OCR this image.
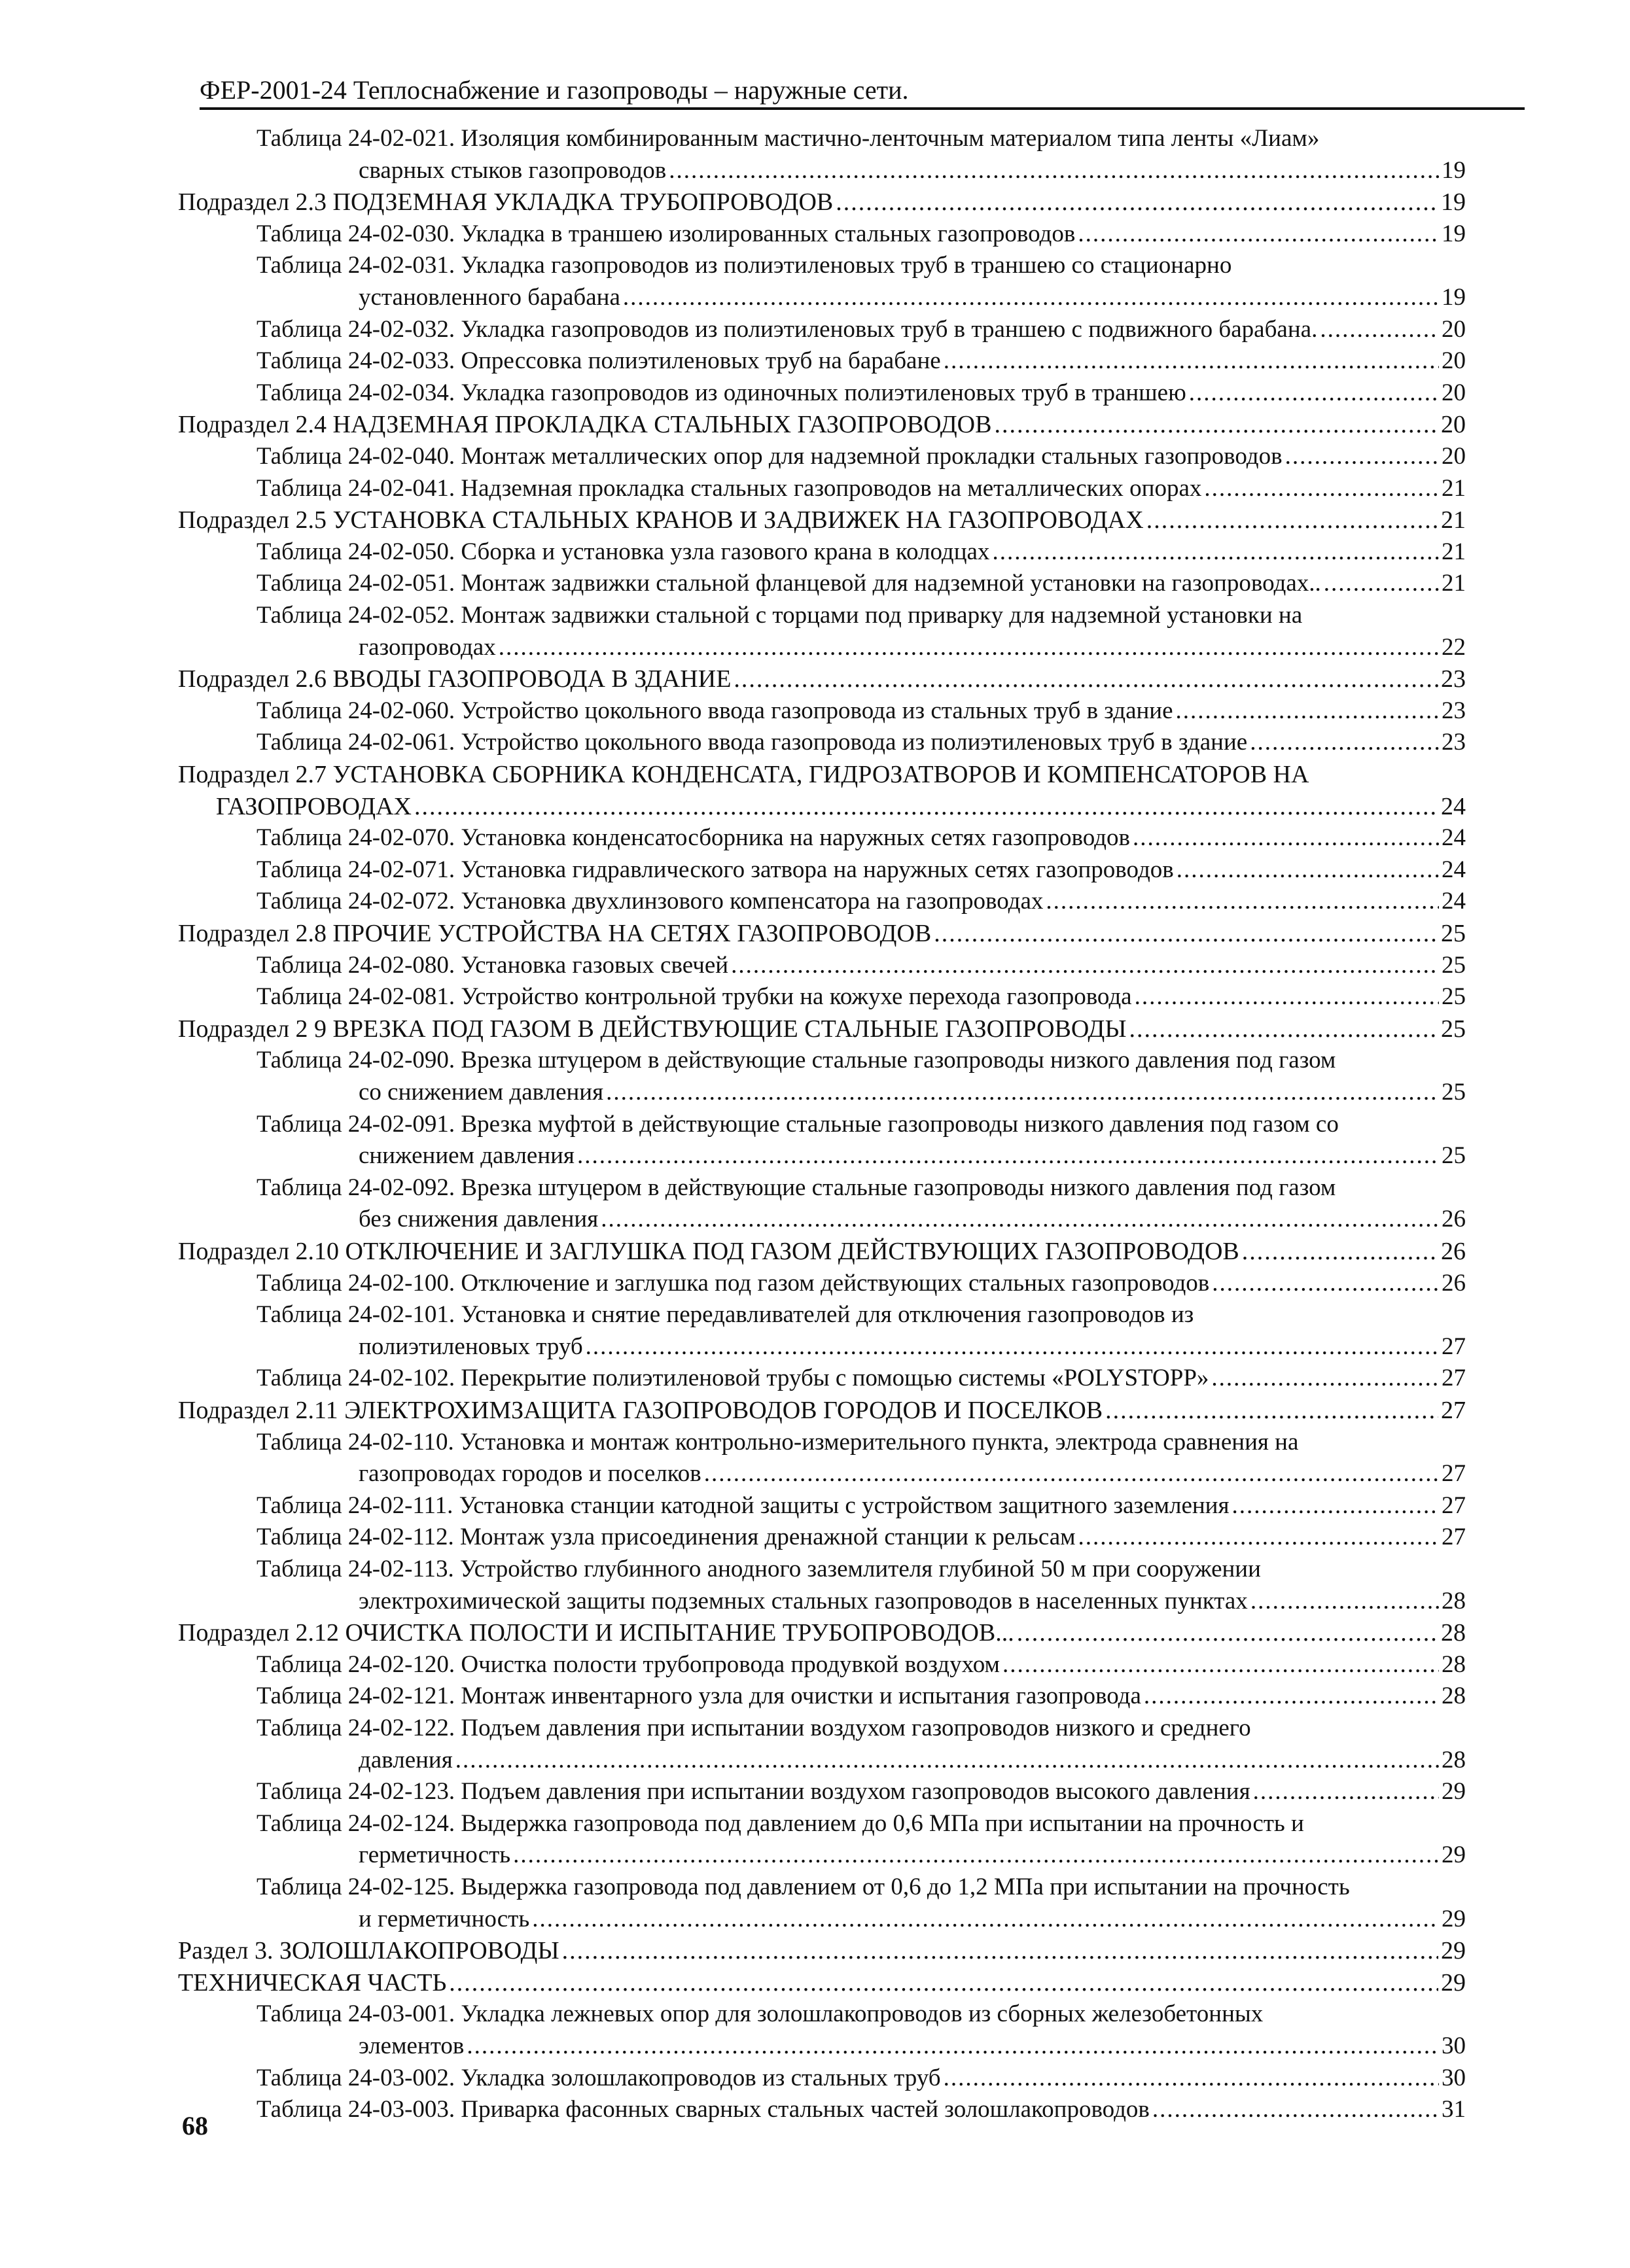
ФЕР-2001-24 Теплоснабжение и газопроводы – наружные сети.
Таблица 24-02-021. Изоляция комбинированным мастично-ленточным материалом типа ленты «Лиам»
сварных стыков газопроводов .....	19
Подраздел 2.3 ПОДЗЕМНАЯ УКЛАДКА ТРУБОПРОВОДОВ .....	19
Таблица 24-02-030. Укладка в траншею изолированных стальных газопроводов .....	19
Таблица 24-02-031. Укладка газопроводов из полиэтиленовых труб в траншею со стационарно
установленного барабана .....	19
Таблица 24-02-032. Укладка газопроводов из полиэтиленовых труб в траншею с подвижного барабана. .....	20
Таблица 24-02-033. Опрессовка полиэтиленовых труб на барабане .....	20
Таблица 24-02-034. Укладка газопроводов из одиночных полиэтиленовых труб в траншею .....	20
Подраздел 2.4 НАДЗЕМНАЯ ПРОКЛАДКА СТАЛЬНЫХ ГАЗОПРОВОДОВ .....	20
Таблица 24-02-040. Монтаж металлических опор для надземной прокладки стальных газопроводов .....	20
Таблица 24-02-041. Надземная прокладка стальных газопроводов на металлических опорах .....	21
Подраздел 2.5 УСТАНОВКА СТАЛЬНЫХ КРАНОВ И ЗАДВИЖЕК НА ГАЗОПРОВОДАХ .....	21
Таблица 24-02-050. Сборка и установка узла газового крана в колодцах .....	21
Таблица 24-02-051. Монтаж задвижки стальной фланцевой для надземной установки на газопроводах.. .....	21
Таблица 24-02-052. Монтаж задвижки стальной с торцами под приварку для надземной установки на
газопроводах .....	22
Подраздел 2.6 ВВОДЫ ГАЗОПРОВОДА В ЗДАНИЕ .....	23
Таблица 24-02-060. Устройство цокольного ввода газопровода из стальных труб в здание .....	23
Таблица 24-02-061. Устройство цокольного ввода газопровода из полиэтиленовых труб в здание .....	23
Подраздел 2.7 УСТАНОВКА СБОРНИКА КОНДЕНСАТА, ГИДРОЗАТВОРОВ И КОМПЕНСАТОРОВ НА
ГАЗОПРОВОДАХ .....	24
Таблица 24-02-070. Установка конденсатосборника на наружных сетях газопроводов .....	24
Таблица 24-02-071. Установка гидравлического затвора на наружных сетях газопроводов .....	24
Таблица 24-02-072. Установка двухлинзового компенсатора на газопроводах .....	24
Подраздел 2.8 ПРОЧИЕ УСТРОЙСТВА НА СЕТЯХ ГАЗОПРОВОДОВ .....	25
Таблица 24-02-080. Установка газовых свечей .....	25
Таблица 24-02-081. Устройство контрольной трубки на кожухе перехода газопровода .....	25
Подраздел 2 9 ВРЕЗКА ПОД ГАЗОМ В ДЕЙСТВУЮЩИЕ СТАЛЬНЫЕ ГАЗОПРОВОДЫ .....	25
Таблица 24-02-090. Врезка штуцером в действующие стальные газопроводы низкого давления под газом
со снижением давления .....	25
Таблица 24-02-091. Врезка муфтой в действующие стальные газопроводы низкого давления под газом со
снижением давления .....	25
Таблица 24-02-092. Врезка штуцером в действующие стальные газопроводы низкого давления под газом
без снижения давления .....	26
Подраздел 2.10 ОТКЛЮЧЕНИЕ И ЗАГЛУШКА ПОД ГАЗОМ ДЕЙСТВУЮЩИХ ГАЗОПРОВОДОВ .....	26
Таблица 24-02-100. Отключение и заглушка под газом действующих стальных газопроводов .....	26
Таблица 24-02-101. Установка и снятие передавливателей для отключения газопроводов из
полиэтиленовых труб .....	27
Таблица 24-02-102. Перекрытие полиэтиленовой трубы с помощью системы «POLYSTOPP» .....	27
Подраздел 2.11 ЭЛЕКТРОХИМЗАЩИТА ГАЗОПРОВОДОВ ГОРОДОВ И ПОСЕЛКОВ .....	27
Таблица 24-02-110. Установка и монтаж контрольно-измерительного пункта, электрода сравнения на
газопроводах городов и поселков .....	27
Таблица 24-02-111. Установка станции катодной защиты с устройством защитного заземления .....	27
Таблица 24-02-112. Монтаж узла присоединения дренажной станции к рельсам .....	27
Таблица 24-02-113. Устройство глубинного анодного заземлителя глубиной 50 м при сооружении
электрохимической защиты подземных стальных газопроводов в населенных пунктах .....	28
Подраздел 2.12 ОЧИСТКА ПОЛОСТИ И ИСПЫТАНИЕ ТРУБОПРОВОДОВ... .....	28
Таблица 24-02-120. Очистка полости трубопровода продувкой воздухом .....	28
Таблица 24-02-121. Монтаж инвентарного узла для очистки и испытания газопровода .....	28
Таблица 24-02-122. Подъем давления при испытании воздухом газопроводов низкого и среднего
давления .....	28
Таблица 24-02-123. Подъем давления при испытании воздухом газопроводов высокого давления .....	29
Таблица 24-02-124. Выдержка газопровода под давлением до 0,6 МПа при испытании на прочность и
герметичность .....	29
Таблица 24-02-125. Выдержка газопровода под давлением от 0,6 до 1,2 МПа при испытании на прочность
и герметичность .....	29
Раздел 3. ЗОЛОШЛАКОПРОВОДЫ .....	29
ТЕХНИЧЕСКАЯ ЧАСТЬ .....	29
Таблица 24-03-001. Укладка лежневых опор для золошлакопроводов из сборных железобетонных
элементов .....	30
Таблица 24-03-002. Укладка золошлакопроводов из стальных труб .....	30
Таблица 24-03-003. Приварка фасонных сварных стальных частей золошлакопроводов .....	31
68
